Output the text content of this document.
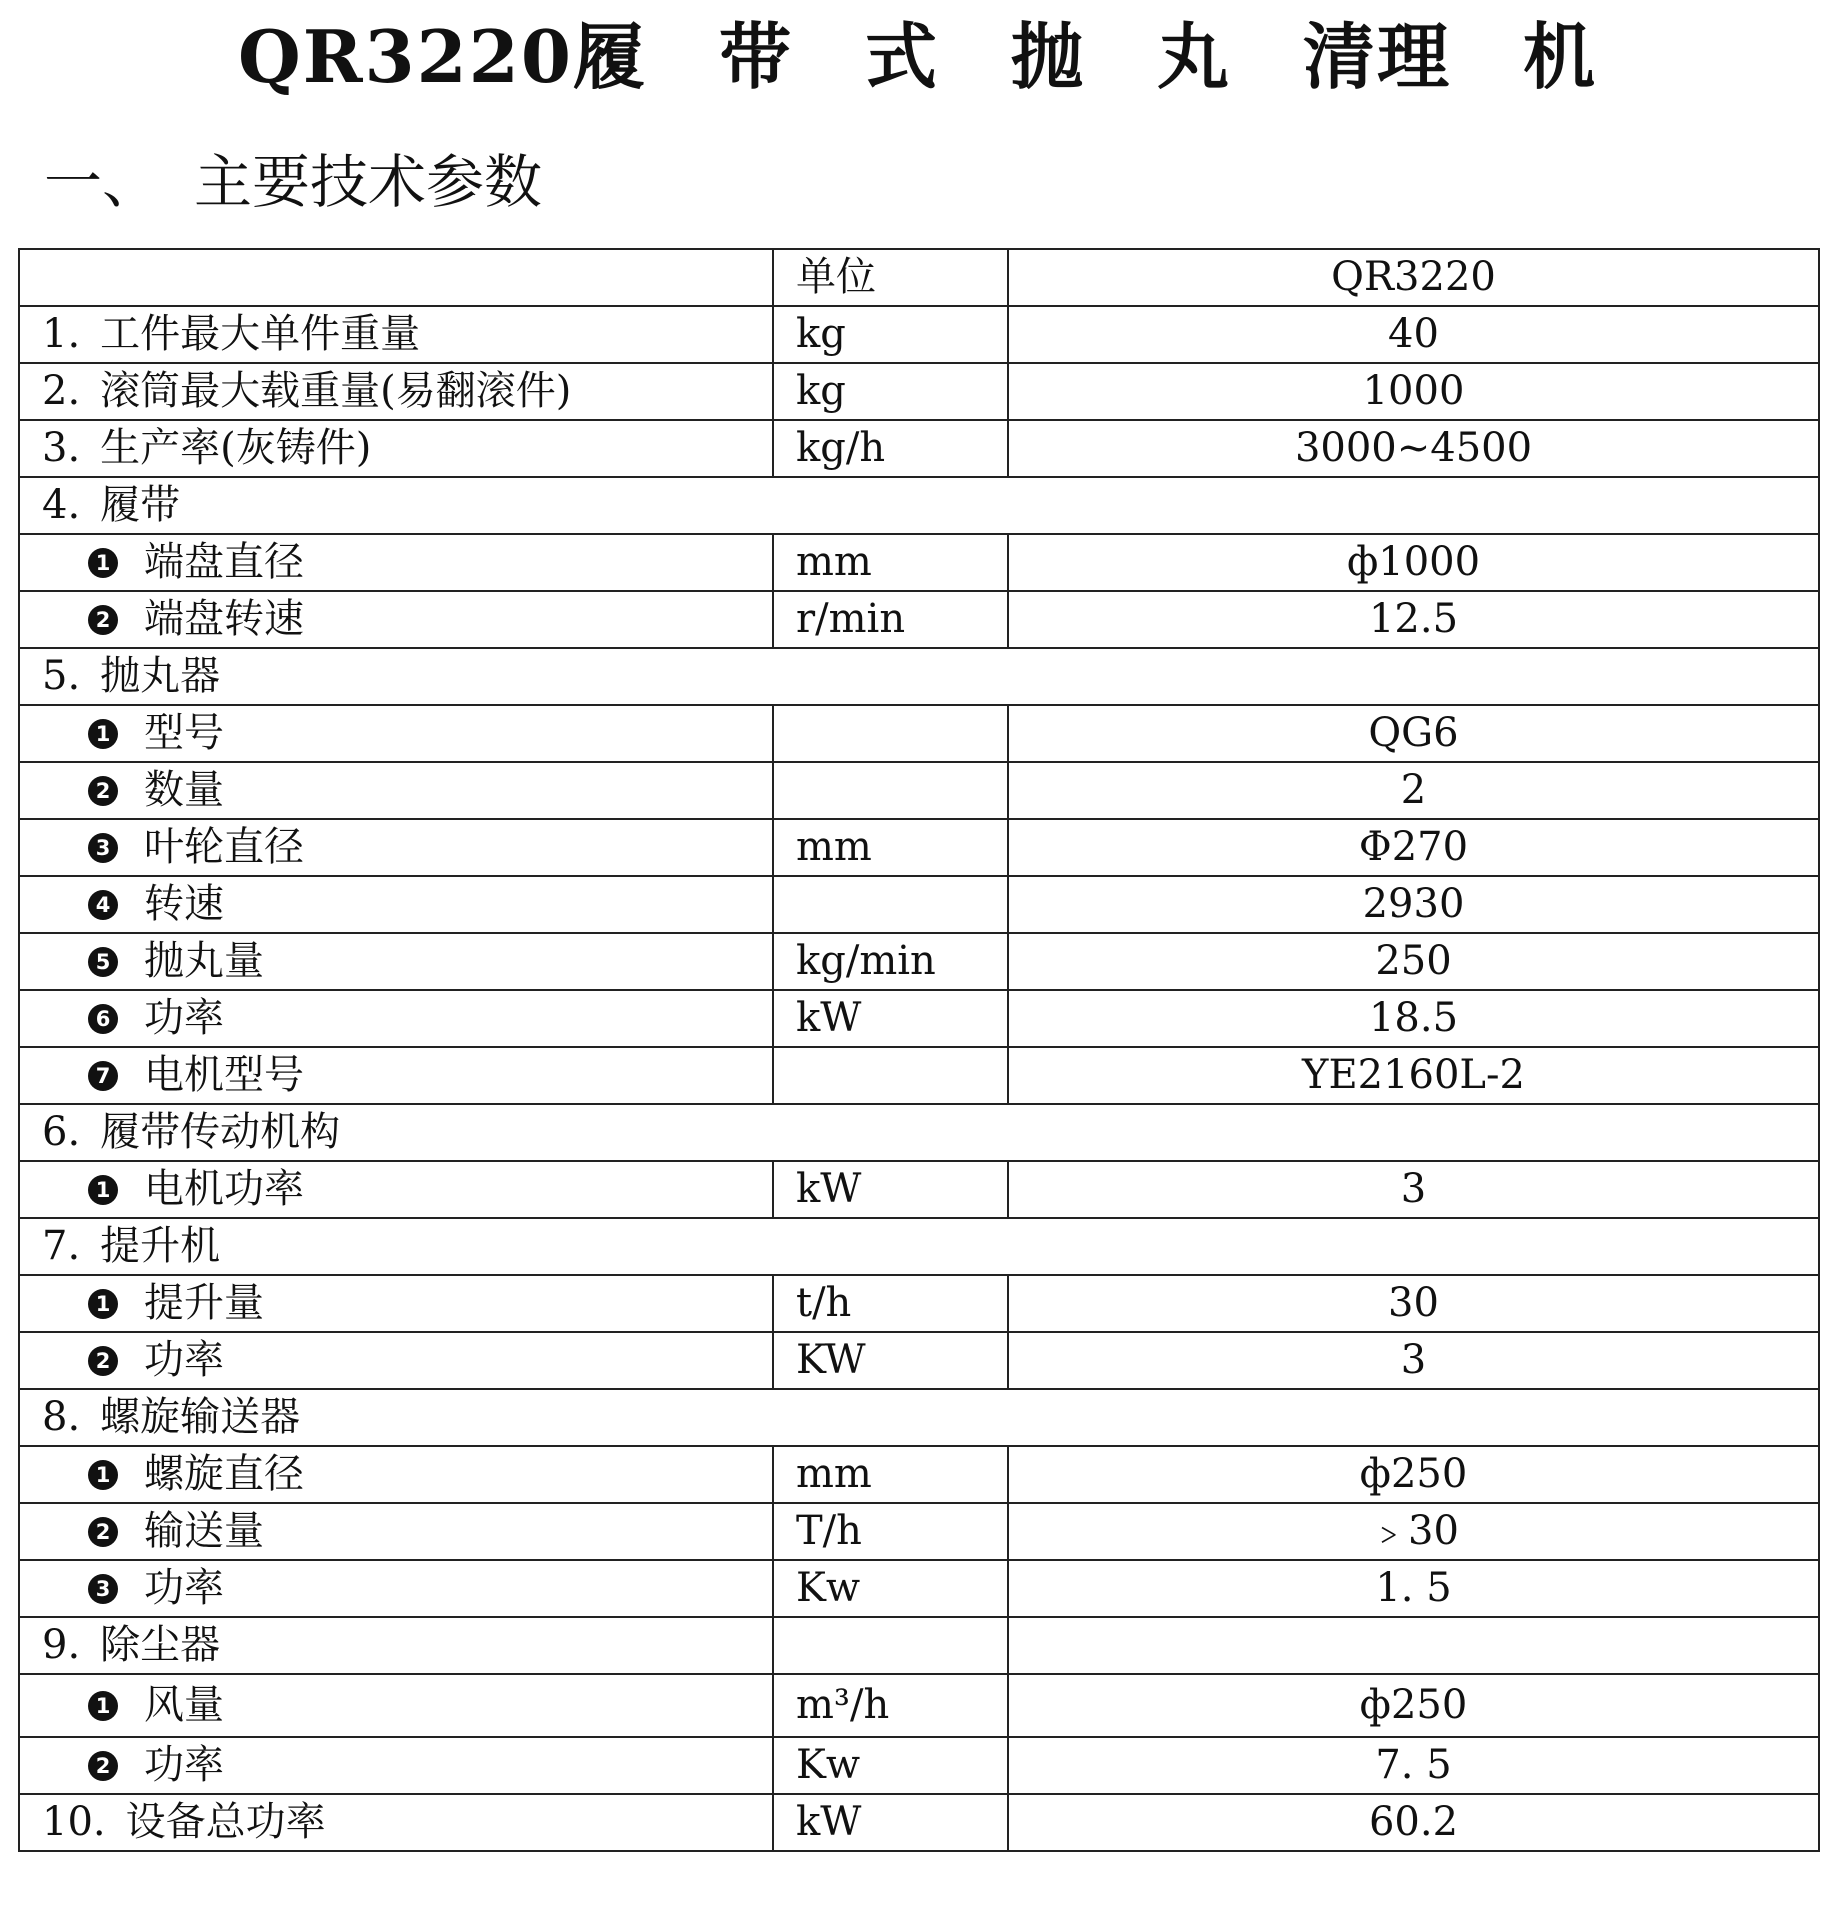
QR3220履 带 式 抛 丸 清理 机
一、 主要技术参数
	单位	QR3220
1. 工件最大单件重量	kg	40
2. 滚筒最大载重量(易翻滚件)	kg	1000
3. 生产率(灰铸件)	kg/h	3000~4500
4. 履带		
1 端盘直径	mm	ф1000
2 端盘转速	r/min	12.5
5. 抛丸器		
1 型号		QG6
2 数量		2
3 叶轮直径	mm	Φ270
4 转速		2930
5 抛丸量	kg/min	250
6 功率	kW	18.5
7 电机型号		YE2160L-2
6. 履带传动机构		
1 电机功率	kW	3
7. 提升机		
1 提升量	t/h	30
2 功率	KW	3
8. 螺旋输送器		
1 螺旋直径	mm	ф250
2 输送量	T/h	﹥30
3 功率	Kw	1. 5
9. 除尘器		
1 风量	m³/h	ф250
2 功率	Kw	7. 5
10. 设备总功率	kW	60.2
